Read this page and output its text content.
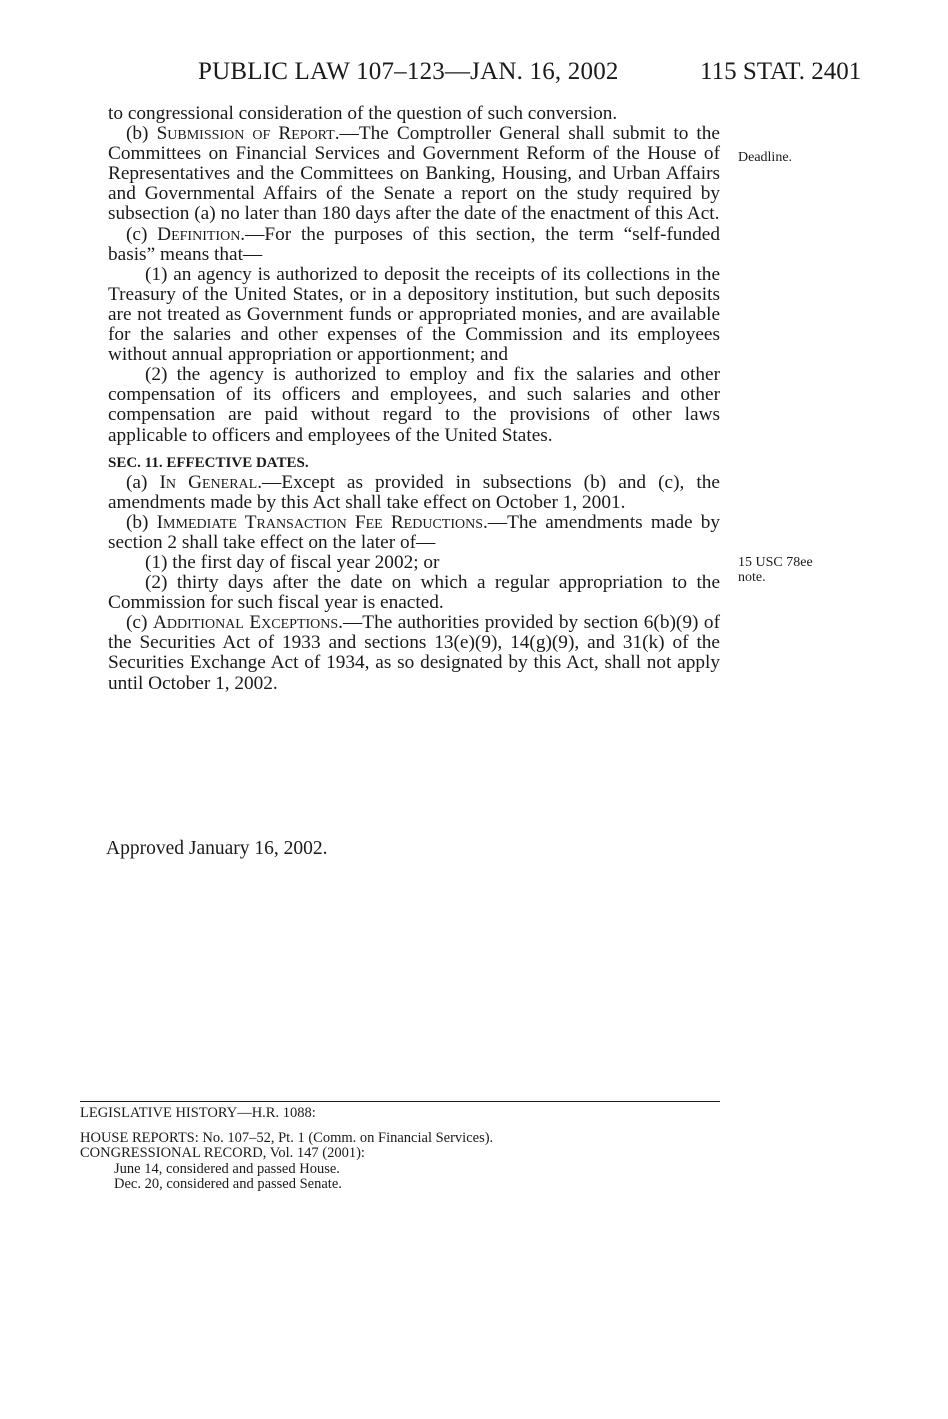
PUBLIC LAW 107–123—JAN. 16, 2002	115 STAT. 2401
Deadline.
15 USC 78ee
note.

to congressional consideration of the question of such conversion.

(b) Submission of Report.—The Comptroller General shall submit to the Committees on Financial Services and Government Reform of the House of Representatives and the Committees on Banking, Housing, and Urban Affairs and Governmental Affairs of the Senate a report on the study required by subsection (a) no later than 180 days after the date of the enactment of this Act.

(c) Definition.—For the purposes of this section, the term “self-funded basis” means that—

(1) an agency is authorized to deposit the receipts of its collections in the Treasury of the United States, or in a depository institution, but such deposits are not treated as Government funds or appropriated monies, and are available for the salaries and other expenses of the Commission and its employees without annual appropriation or apportionment; and

(2) the agency is authorized to employ and fix the salaries and other compensation of its officers and employees, and such salaries and other compensation are paid without regard to the provisions of other laws applicable to officers and employees of the United States.

SEC. 11. EFFECTIVE DATES.

(a) In General.—Except as provided in subsections (b) and (c), the amendments made by this Act shall take effect on October 1, 2001.

(b) Immediate Transaction Fee Reductions.—The amendments made by section 2 shall take effect on the later of—

(1) the first day of fiscal year 2002; or

(2) thirty days after the date on which a regular appropriation to the Commission for such fiscal year is enacted.

(c) Additional Exceptions.—The authorities provided by section 6(b)(9) of the Securities Act of 1933 and sections 13(e)(9), 14(g)(9), and 31(k) of the Securities Exchange Act of 1934, as so designated by this Act, shall not apply until October 1, 2002.

Approved January 16, 2002.

LEGISLATIVE HISTORY—H.R. 1088:

HOUSE REPORTS: No. 107–52, Pt. 1 (Comm. on Financial Services).

CONGRESSIONAL RECORD, Vol. 147 (2001):

June 14, considered and passed House.

Dec. 20, considered and passed Senate.
